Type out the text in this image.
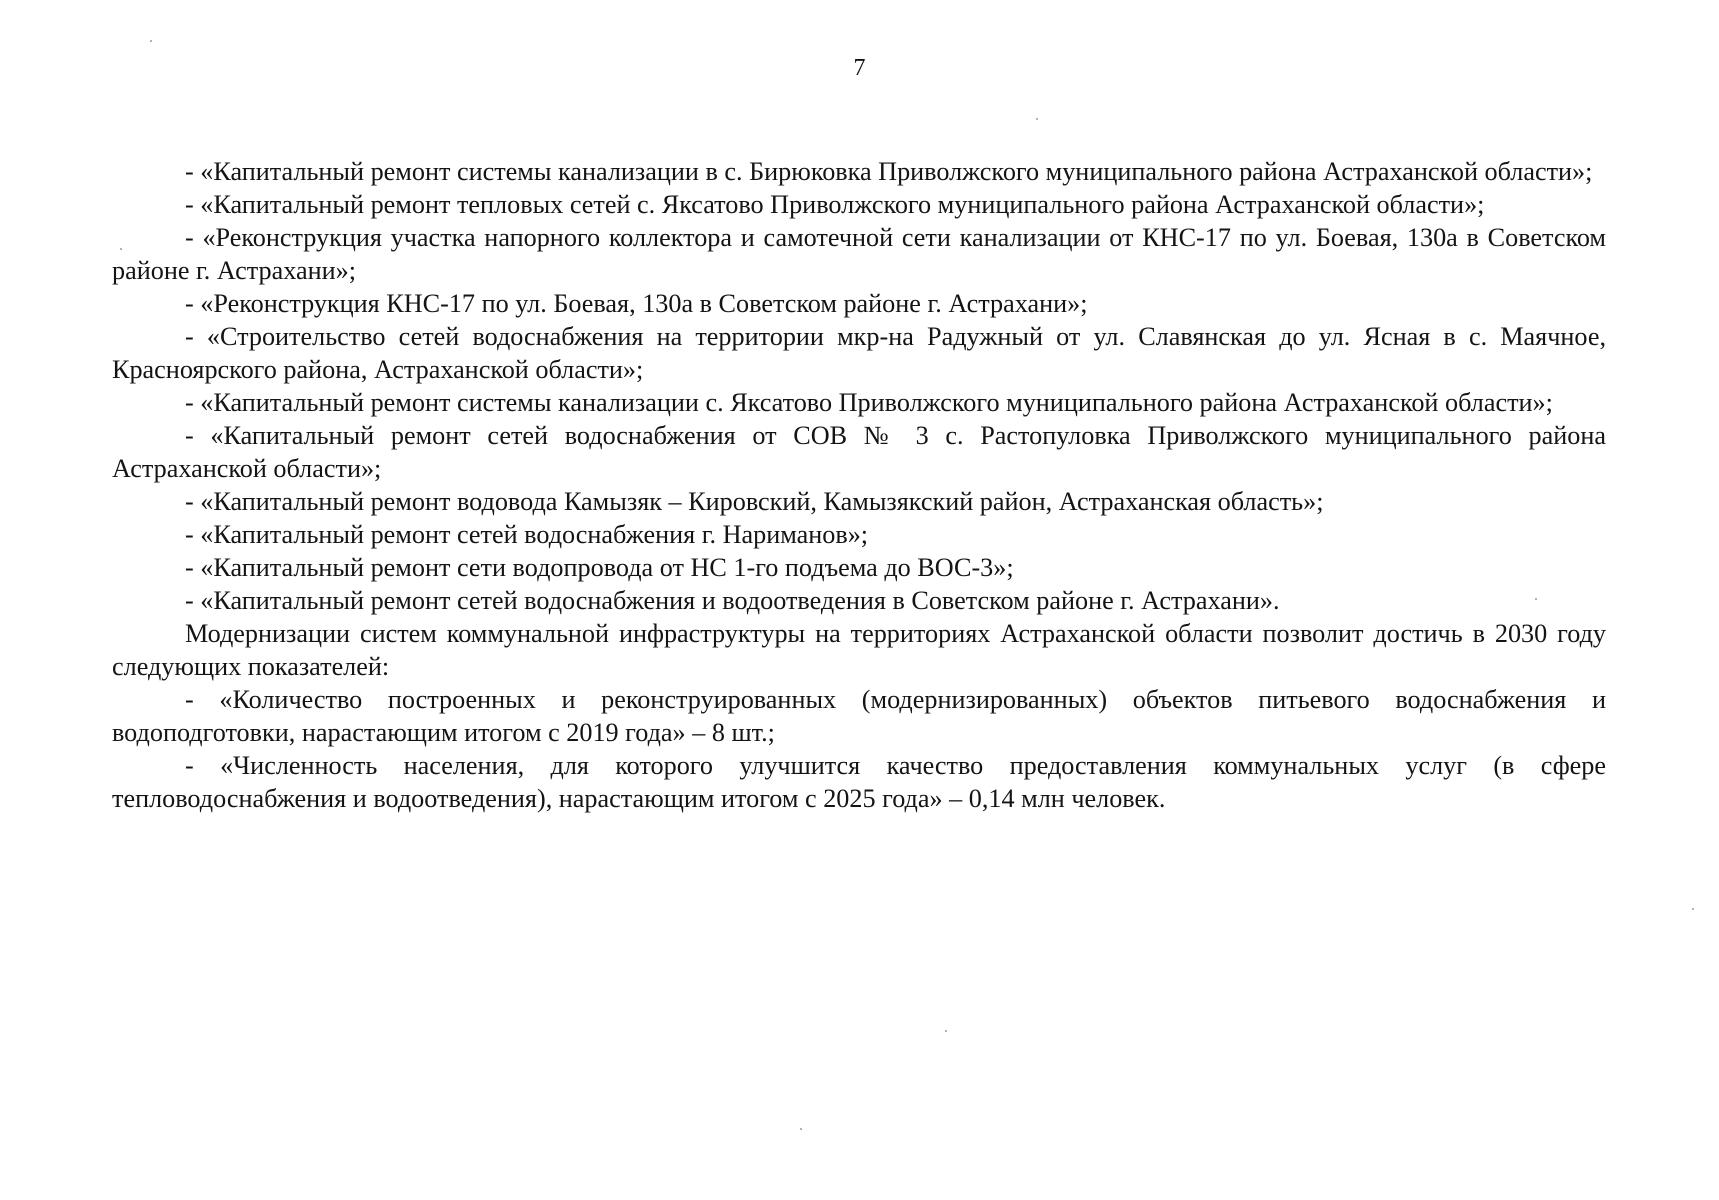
7

- «Капитальный ремонт системы канализации в с. Бирюковка Приволжского муниципального района Астраханской области»;

- «Капитальный ремонт тепловых сетей с. Яксатово Приволжского муниципального района Астраханской области»;

- «Реконструкция участка напорного коллектора и самотечной сети канализации от КНС-17 по ул. Боевая, 130а в Советском районе г. Астрахани»;

- «Реконструкция КНС-17 по ул. Боевая, 130а в Советском районе г. Астрахани»;

- «Строительство сетей водоснабжения на территории мкр-на Радужный от ул. Славянская до ул. Ясная в с. Маячное, Красноярского района, Астраханской области»;

- «Капитальный ремонт системы канализации с. Яксатово Приволжского муниципального района Астраханской области»;

- «Капитальный ремонт сетей водоснабжения от СОВ № 3 с. Растопуловка Приволжского муниципального района Астраханской области»;

- «Капитальный ремонт водовода Камызяк – Кировский, Камызякский район, Астраханская область»;

- «Капитальный ремонт сетей водоснабжения г. Нариманов»;

- «Капитальный ремонт сети водопровода от НС 1-го подъема до ВОС-3»;

- «Капитальный ремонт сетей водоснабжения и водоотведения в Советском районе г. Астрахани».

Модернизации систем коммунальной инфраструктуры на территориях Астраханской области позволит достичь в 2030 году следующих показателей:

- «Количество построенных и реконструированных (модернизированных) объектов питьевого водоснабжения и водоподготовки, нарастающим итогом с 2019 года» – 8 шт.;

- «Численность населения, для которого улучшится качество предоставления коммунальных услуг (в сфере тепловодоснабжения и водоотведения), нарастающим итогом с 2025 года» – 0,14 млн человек.
